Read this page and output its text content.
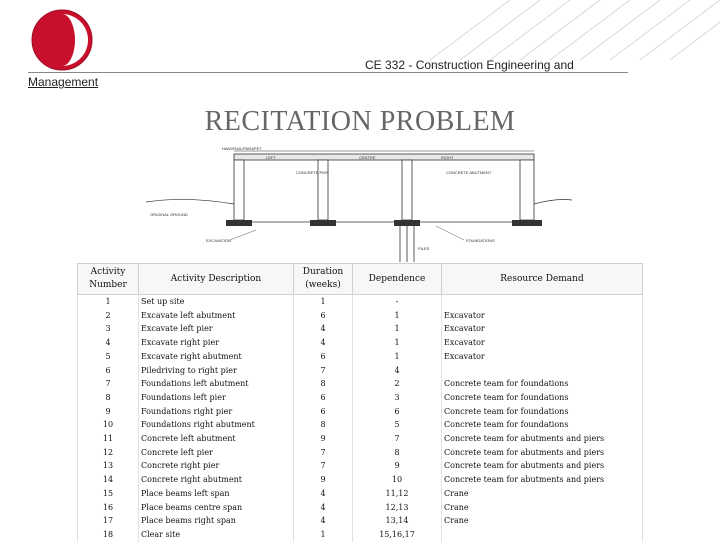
CE 332 - Construction Engineering and
Management
RECITATION PROBLEM
HANDRAIL/PARAPET
LEFT	CENTRE	RIGHT
CONCRETE PIER	CONCRETE ABUTMENT
ORIGINAL GROUND
EXCAVATION	FOUNDATIONS
PILES
Activity Number	Activity Description	Duration (weeks)	Dependence	Resource Demand
1	Set up site	1	-	
2	Excavate left abutment	6	1	Excavator
3	Excavate left pier	4	1	Excavator
4	Excavate right pier	4	1	Excavator
5	Excavate right abutment	6	1	Excavator
6	Piledriving to right pier	7	4	
7	Foundations left abutment	8	2	Concrete team for foundations
8	Foundations left pier	6	3	Concrete team for foundations
9	Foundations right pier	6	6	Concrete team for foundations
10	Foundations right abutment	8	5	Concrete team for foundations
11	Concrete left abutment	9	7	Concrete team for abutments and piers
12	Concrete left pier	7	8	Concrete team for abutments and piers
13	Concrete right pier	7	9	Concrete team for abutments and piers
14	Concrete right abutment	9	10	Concrete team for abutments and piers
15	Place beams left span	4	11,12	Crane
16	Place beams centre span	4	12,13	Crane
17	Place beams right span	4	13,14	Crane
18	Clear site	1	15,16,17	
